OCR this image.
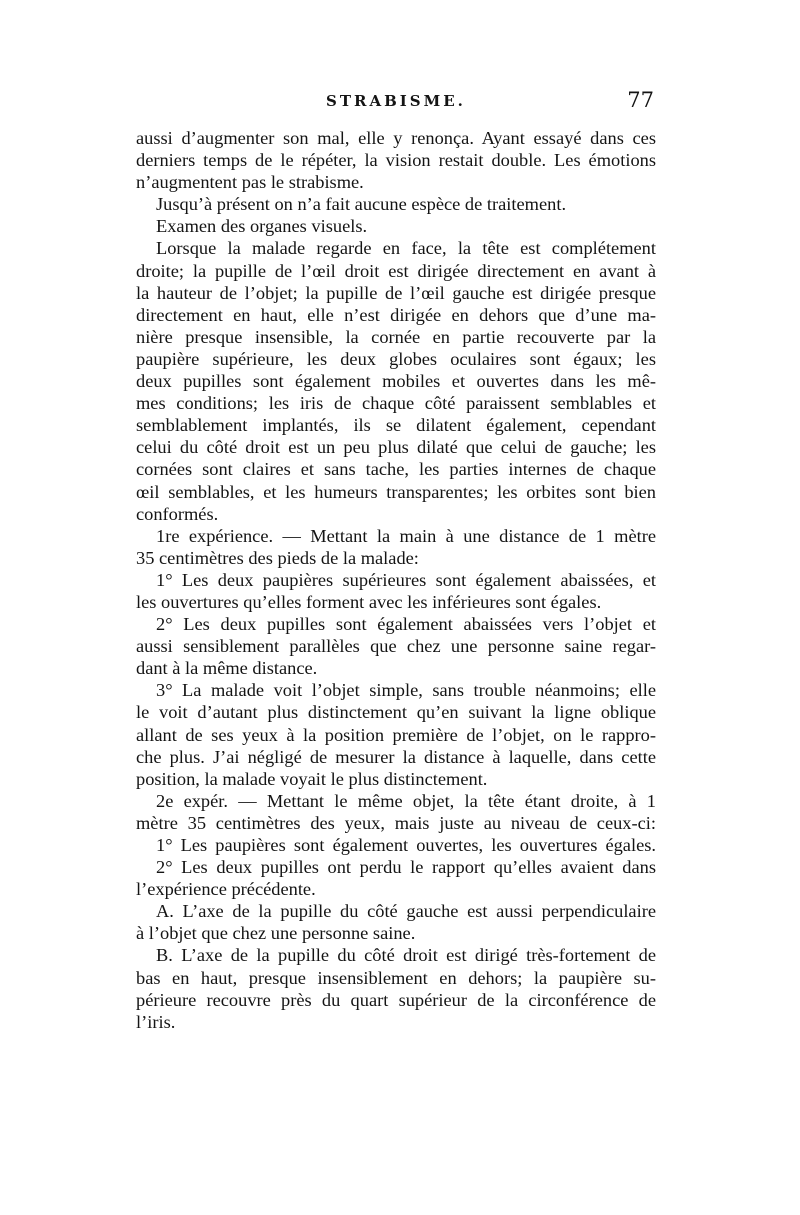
STRABISME.	77
aussi d’augmenter son mal, elle y renonça. Ayant essayé dans ces
derniers temps de le répéter, la vision restait double. Les émotions
n’augmentent pas le strabisme.
Jusqu’à présent on n’a fait aucune espèce de traitement.
Examen des organes visuels.
Lorsque la malade regarde en face, la tête est complétement
droite; la pupille de l’œil droit est dirigée directement en avant à
la hauteur de l’objet; la pupille de l’œil gauche est dirigée presque
directement en haut, elle n’est dirigée en dehors que d’une ma-
nière presque insensible, la cornée en partie recouverte par la
paupière supérieure, les deux globes oculaires sont égaux; les
deux pupilles sont également mobiles et ouvertes dans les mê-
mes conditions; les iris de chaque côté paraissent semblables et
semblablement implantés, ils se dilatent également, cependant
celui du côté droit est un peu plus dilaté que celui de gauche; les
cornées sont claires et sans tache, les parties internes de chaque
œil semblables, et les humeurs transparentes; les orbites sont bien
conformés.
1re expérience. — Mettant la main à une distance de 1 mètre
35 centimètres des pieds de la malade:
1° Les deux paupières supérieures sont également abaissées, et
les ouvertures qu’elles forment avec les inférieures sont égales.
2° Les deux pupilles sont également abaissées vers l’objet et
aussi sensiblement parallèles que chez une personne saine regar-
dant à la même distance.
3° La malade voit l’objet simple, sans trouble néanmoins; elle
le voit d’autant plus distinctement qu’en suivant la ligne oblique
allant de ses yeux à la position première de l’objet, on le rappro-
che plus. J’ai négligé de mesurer la distance à laquelle, dans cette
position, la malade voyait le plus distinctement.
2e expér. — Mettant le même objet, la tête étant droite, à 1
mètre 35 centimètres des yeux, mais juste au niveau de ceux-ci:
1° Les paupières sont également ouvertes, les ouvertures égales.
2° Les deux pupilles ont perdu le rapport qu’elles avaient dans
l’expérience précédente.
A. L’axe de la pupille du côté gauche est aussi perpendiculaire
à l’objet que chez une personne saine.
B. L’axe de la pupille du côté droit est dirigé très-fortement de
bas en haut, presque insensiblement en dehors; la paupière su-
périeure recouvre près du quart supérieur de la circonférence de
l’iris.
